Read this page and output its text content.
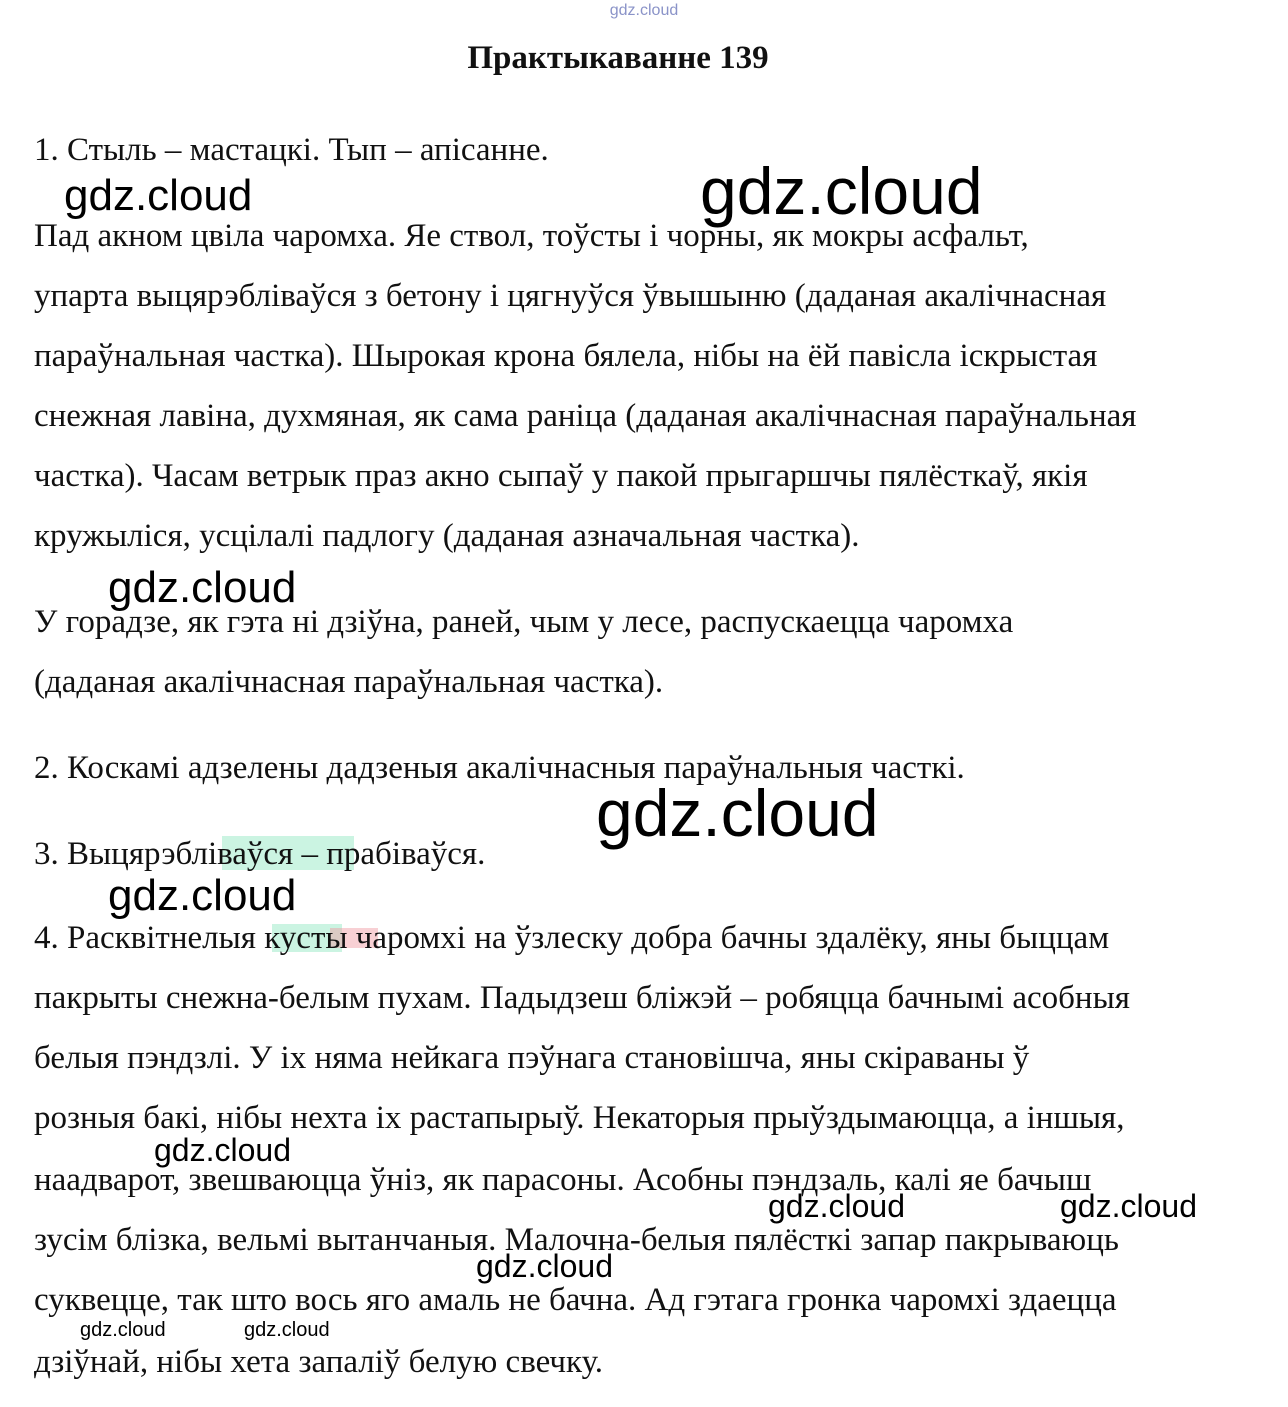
gdz.cloud
Практыкаванне 139
1. Стыль – мастацкі. Тып – апісанне.
Пад акном цвiла чаромха. Яе ствол, тоўсты і чорны, як мокры асфальт,
упарта выцярэбліваўся з бетону і цягнуўся ўвышыню (даданая акалічнасная
параўнальная частка). Шырокая крона бялела, нібы на ёй павісла іскрыстая
снежная лавіна, духмяная, як сама раніца (даданая акалічнасная параўнальная
частка). Часам ветрык праз акно сыпаў у пакой прыгаршчы пялёсткаў, якія
кружыліся, усцілалі падлогу (даданая азначальная частка).
У горадзе, як гэта ні дзіўна, раней, чым у лесе, распускаецца чаромха
(даданая акалічнасная параўнальная частка).
2. Коскамі адзелены дадзеныя акалічнасныя параўнальныя часткі.
3. Выцярэбліваўся – прабіваўся.
4. Расквітнелыя кусты чаромхі на ўзлеску добра бачны здалёку, яны быццам
пакрыты снежна-белым пухам. Падыдзеш бліжэй – робяцца бачнымі асобныя
белыя пэндзлі. У іх няма нейкага пэўнага становішча, яны скіраваны ў
розныя бакі, нібы нехта іх растапырыў. Некаторыя прыўздымаюцца, а іншыя,
наадварот, звешваюцца ўніз, як парасоны. Асобны пэндзаль, калі яе бачыш
зусім блізка, вельмі вытанчаныя. Малочна-белыя пялёсткі запар пакрываюць
суквецце, так што вось яго амаль не бачна. Ад гэтага гронка чаромхі здаецца
дзіўнай, нібы хета запаліў белую свечку.
gdz.cloud	gdz.cloud
gdz.cloud
gdz.cloud
gdz.cloud
gdz.cloud
gdz.cloud	gdz.cloud
gdz.cloud
gdz.cloud	gdz.cloud
